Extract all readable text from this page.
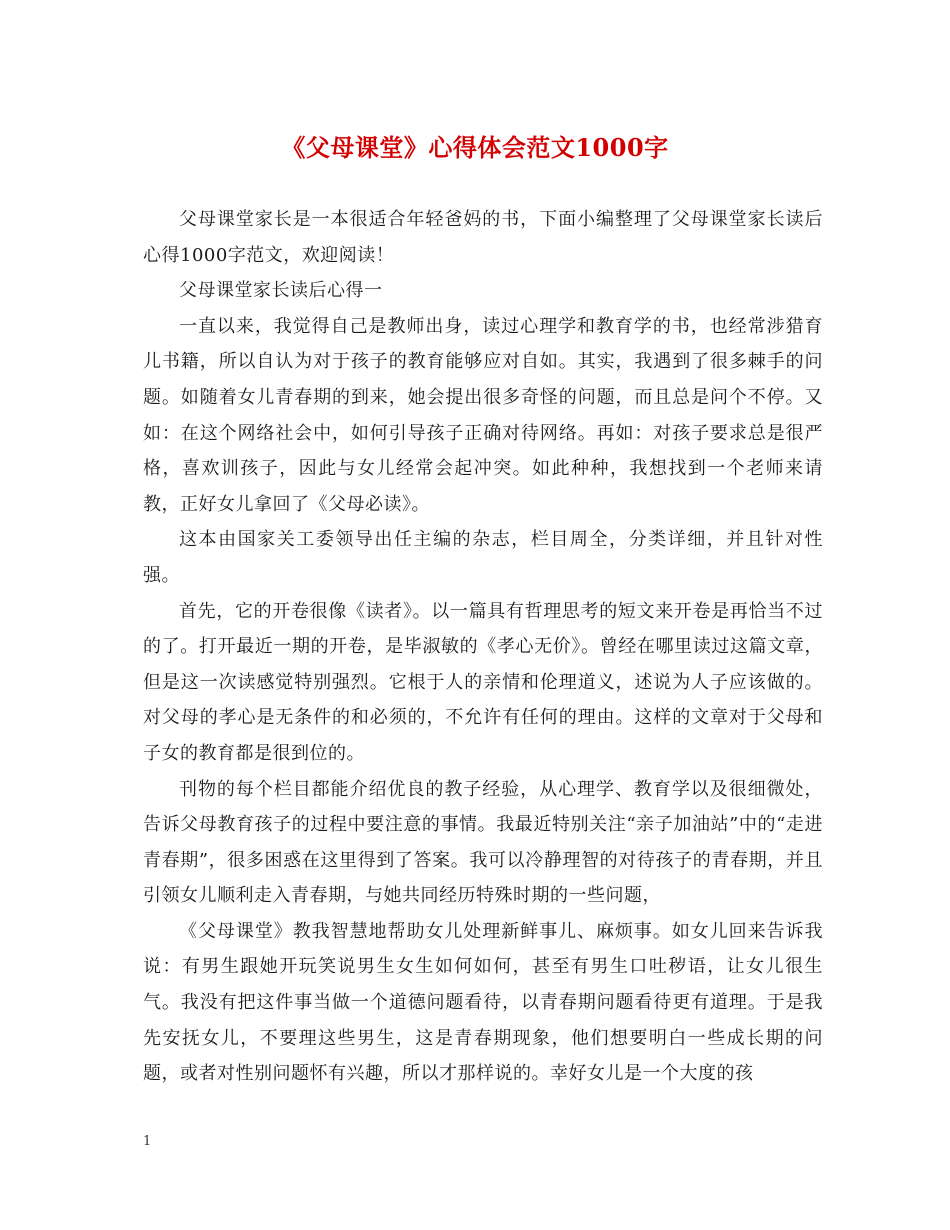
《父母课堂》心得体会范文1000字

父母课堂家长是一本很适合年轻爸妈的书，下面小编整理了父母课堂家长读后心得1000字范文，欢迎阅读！

父母课堂家长读后心得一

一直以来，我觉得自己是教师出身，读过心理学和教育学的书，也经常涉猎育儿书籍，所以自认为对于孩子的教育能够应对自如。其实，我遇到了很多棘手的问题。如随着女儿青春期的到来，她会提出很多奇怪的问题，而且总是问个不停。又如：在这个网络社会中，如何引导孩子正确对待网络。再如：对孩子要求总是很严格，喜欢训孩子，因此与女儿经常会起冲突。如此种种，我想找到一个老师来请教，正好女儿拿回了《父母必读》。

这本由国家关工委领导出任主编的杂志，栏目周全，分类详细，并且针对性强。

首先，它的开卷很像《读者》。以一篇具有哲理思考的短文来开卷是再恰当不过的了。打开最近一期的开卷，是毕淑敏的《孝心无价》。曾经在哪里读过这篇文章，但是这一次读感觉特别强烈。它根于人的亲情和伦理道义，述说为人子应该做的。对父母的孝心是无条件的和必须的，不允许有任何的理由。这样的文章对于父母和子女的教育都是很到位的。

刊物的每个栏目都能介绍优良的教子经验，从心理学、教育学以及很细微处，告诉父母教育孩子的过程中要注意的事情。我最近特别关注“亲子加油站”中的“走进青春期”，很多困惑在这里得到了答案。我可以冷静理智的对待孩子的青春期，并且引领女儿顺利走入青春期，与她共同经历特殊时期的一些问题，

《父母课堂》教我智慧地帮助女儿处理新鲜事儿、麻烦事。如女儿回来告诉我说：有男生跟她开玩笑说男生女生如何如何，甚至有男生口吐秽语，让女儿很生气。我没有把这件事当做一个道德问题看待，以青春期问题看待更有道理。于是我先安抚女儿，不要理这些男生，这是青春期现象，他们想要明白一些成长期的问题，或者对性别问题怀有兴趣，所以才那样说的。幸好女儿是一个大度的孩

1
